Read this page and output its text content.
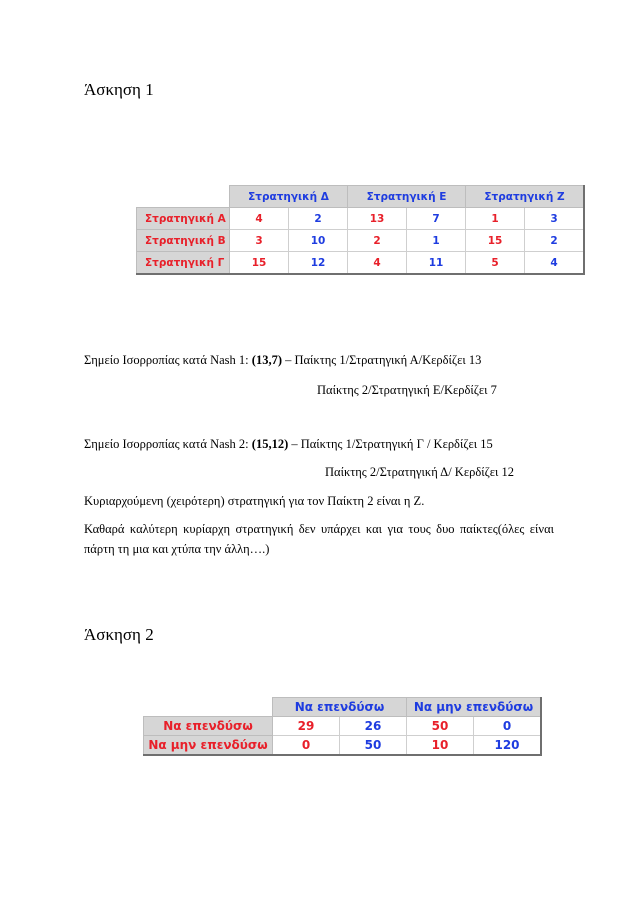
Άσκηση 1
	Στρατηγική Δ		Στρατηγική Ε		Στρατηγική Ζ	
Στρατηγική Α	4	2	13	7	1	3
Στρατηγική Β	3	10	2	1	15	2
Στρατηγική Γ	15	12	4	11	5	4
Σημείο Ισορροπίας κατά Nash 1: (13,7) – Παίκτης 1/Στρατηγική Α/Κερδίζει 13
Παίκτης 2/Στρατηγική Ε/Κερδίζει 7
Σημείο Ισορροπίας κατά Nash 2: (15,12) – Παίκτης 1/Στρατηγική Γ / Κερδίζει 15
Παίκτης 2/Στρατηγική Δ/ Κερδίζει 12
Κυριαρχούμενη (χειρότερη) στρατηγική για τον Παίκτη 2 είναι η Ζ.
Καθαρά καλύτερη κυρίαρχη στρατηγική δεν υπάρχει και για τους δυο παίκτες(όλες είναι πάρτη τη μια και χτύπα την άλλη….)
Άσκηση 2
	Να επενδύσω		Να μην επενδύσω	
Να επενδύσω	29	26	50	0
Να μην επενδύσω	0	50	10	120
